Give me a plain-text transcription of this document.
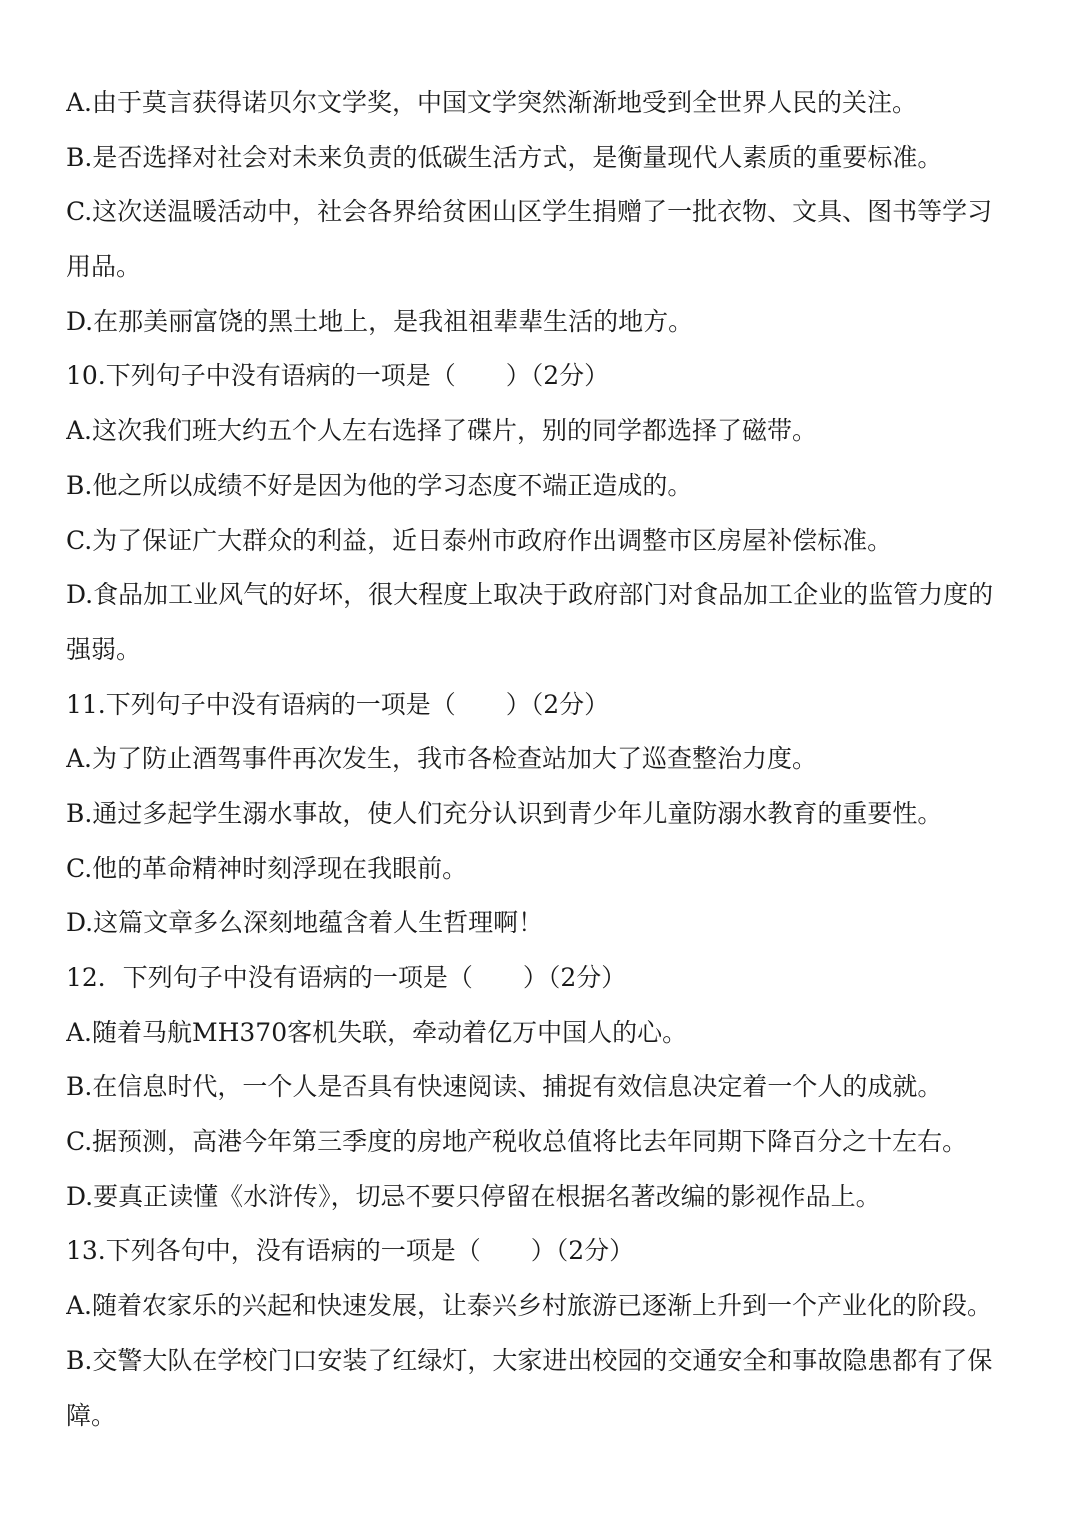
A.由于莫言获得诺贝尔文学奖，中国文学突然渐渐地受到全世界人民的关注。
B.是否选择对社会对未来负责的低碳生活方式，是衡量现代人素质的重要标准。
C.这次送温暖活动中，社会各界给贫困山区学生捐赠了一批衣物、文具、图书等学习
用品。
D.在那美丽富饶的黑土地上，是我祖祖辈辈生活的地方。
10.下列句子中没有语病的一项是（　　）（2分）
A.这次我们班大约五个人左右选择了碟片，别的同学都选择了磁带。
B.他之所以成绩不好是因为他的学习态度不端正造成的。
C.为了保证广大群众的利益，近日泰州市政府作出调整市区房屋补偿标准。
D.食品加工业风气的好坏，很大程度上取决于政府部门对食品加工企业的监管力度的
强弱。
11.下列句子中没有语病的一项是（　　）（2分）
A.为了防止酒驾事件再次发生，我市各检查站加大了巡查整治力度。
B.通过多起学生溺水事故，使人们充分认识到青少年儿童防溺水教育的重要性。
C.他的革命精神时刻浮现在我眼前。
D.这篇文章多么深刻地蕴含着人生哲理啊！
12．下列句子中没有语病的一项是（　　）（2分）
A.随着马航MH370客机失联，牵动着亿万中国人的心。
B.在信息时代，一个人是否具有快速阅读、捕捉有效信息决定着一个人的成就。
C.据预测，高港今年第三季度的房地产税收总值将比去年同期下降百分之十左右。
D.要真正读懂《水浒传》，切忌不要只停留在根据名著改编的影视作品上。
13.下列各句中，没有语病的一项是（　　）（2分）
A.随着农家乐的兴起和快速发展，让泰兴乡村旅游已逐渐上升到一个产业化的阶段。
B.交警大队在学校门口安装了红绿灯，大家进出校园的交通安全和事故隐患都有了保
障。
